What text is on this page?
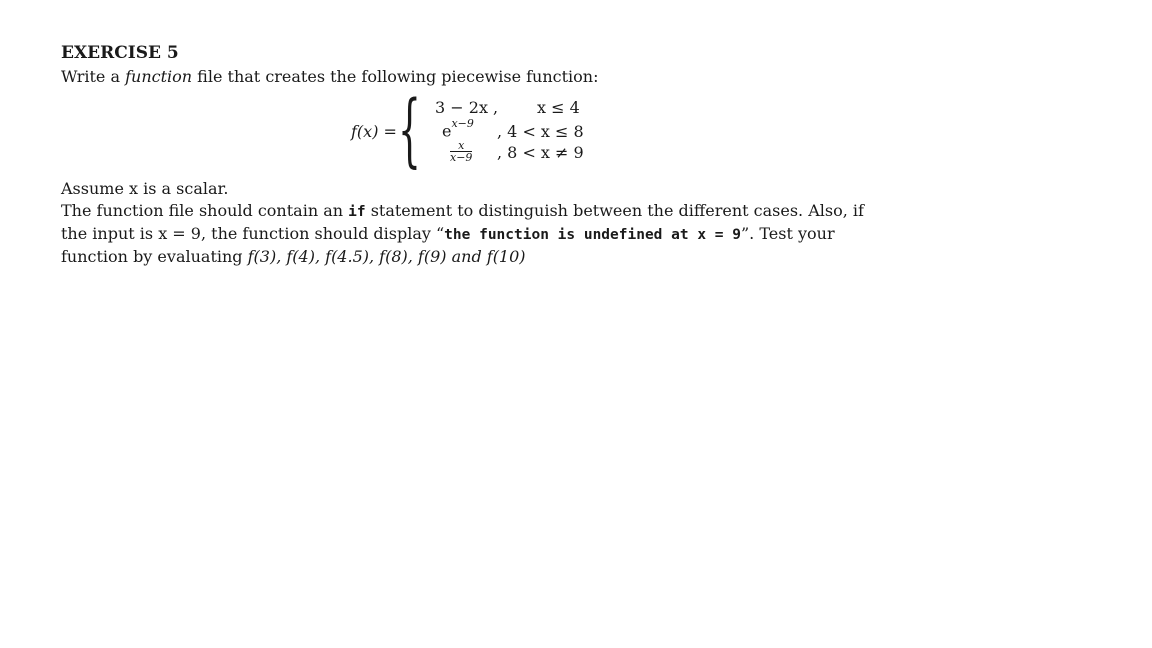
EXERCISE 5

Write a function file that creates the following piecewise function:

f(x) = { 3 − 2x , x ≤ 4
$e^{x-9}$ , 4 < x ≤ 8
$\frac{x}{x-9}$ , 8 < x ≠ 9

Assume x is a scalar.

The function file should contain an if statement to distinguish between the different cases. Also, if the input is x = 9, the function should display “the function is undefined at x = 9”. Test your function by evaluating f(3), f(4), f(4.5), f(8), f(9) and f(10)
